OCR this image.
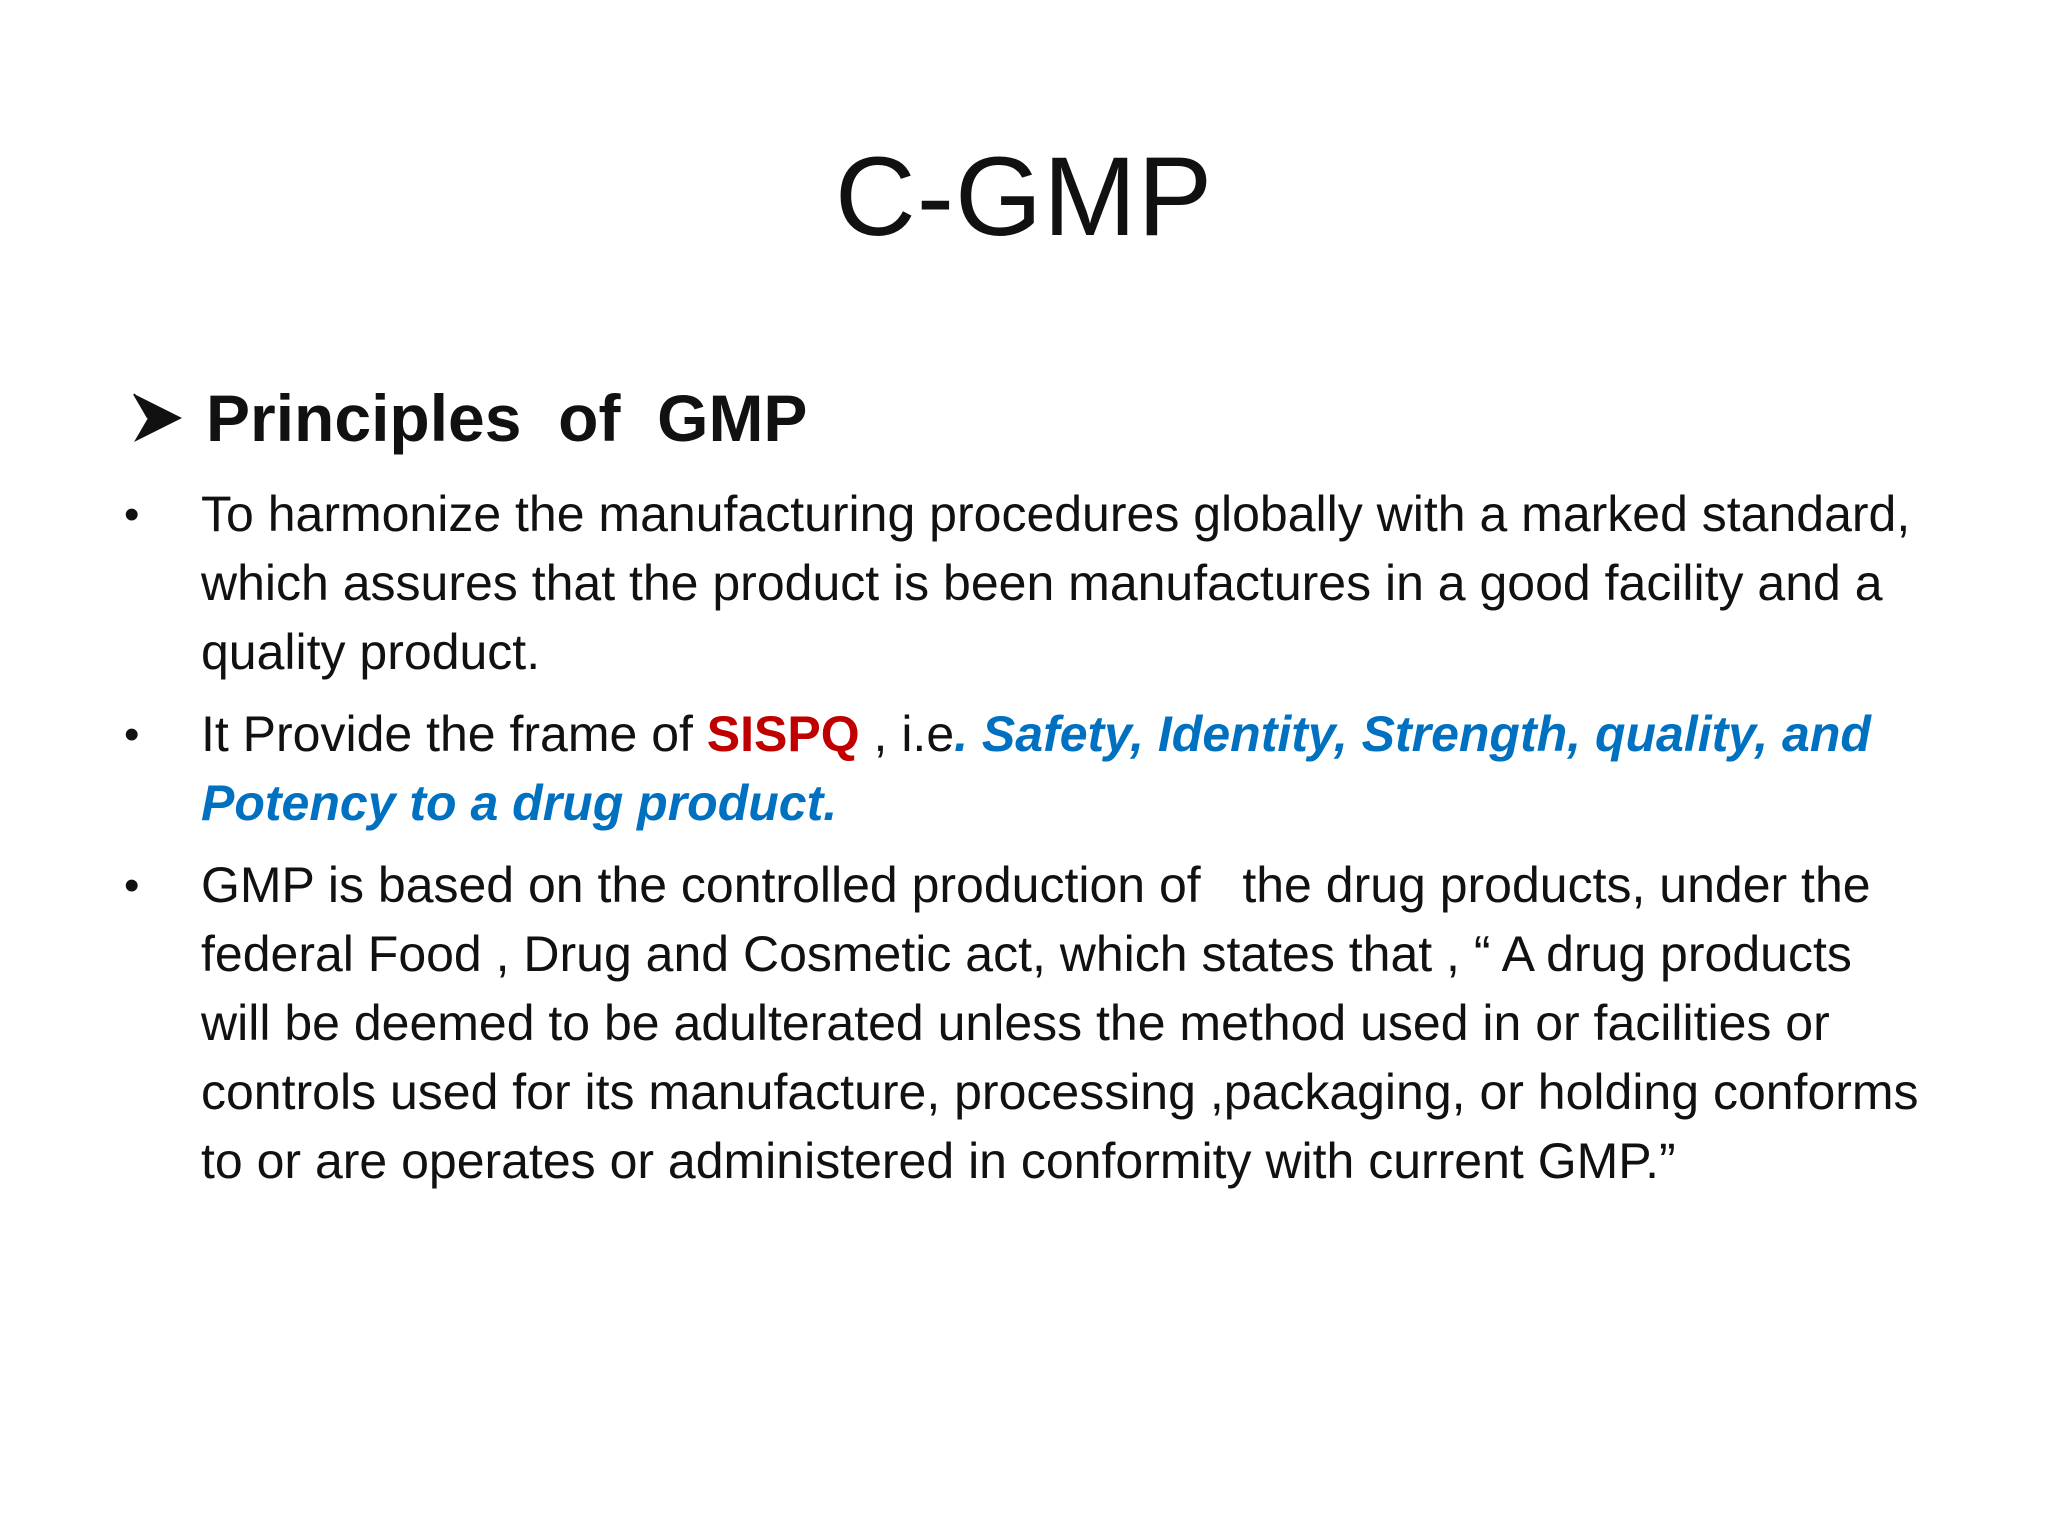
C-GMP
Principles  of  GMP
• To harmonize the manufacturing procedures globally with a marked standard, which assures that the product is been manufactures in a good facility and a quality product.
• It Provide the frame of SISPQ , i.e. Safety, Identity, Strength, quality, and Potency to a drug product.
• GMP is based on the controlled production of   the drug products, under the federal Food , Drug and Cosmetic act, which states that , “ A drug products will be deemed to be adulterated unless the method used in or facilities or controls used for its manufacture, processing ,packaging, or holding conforms to or are operates or administered in conformity with current GMP.”
